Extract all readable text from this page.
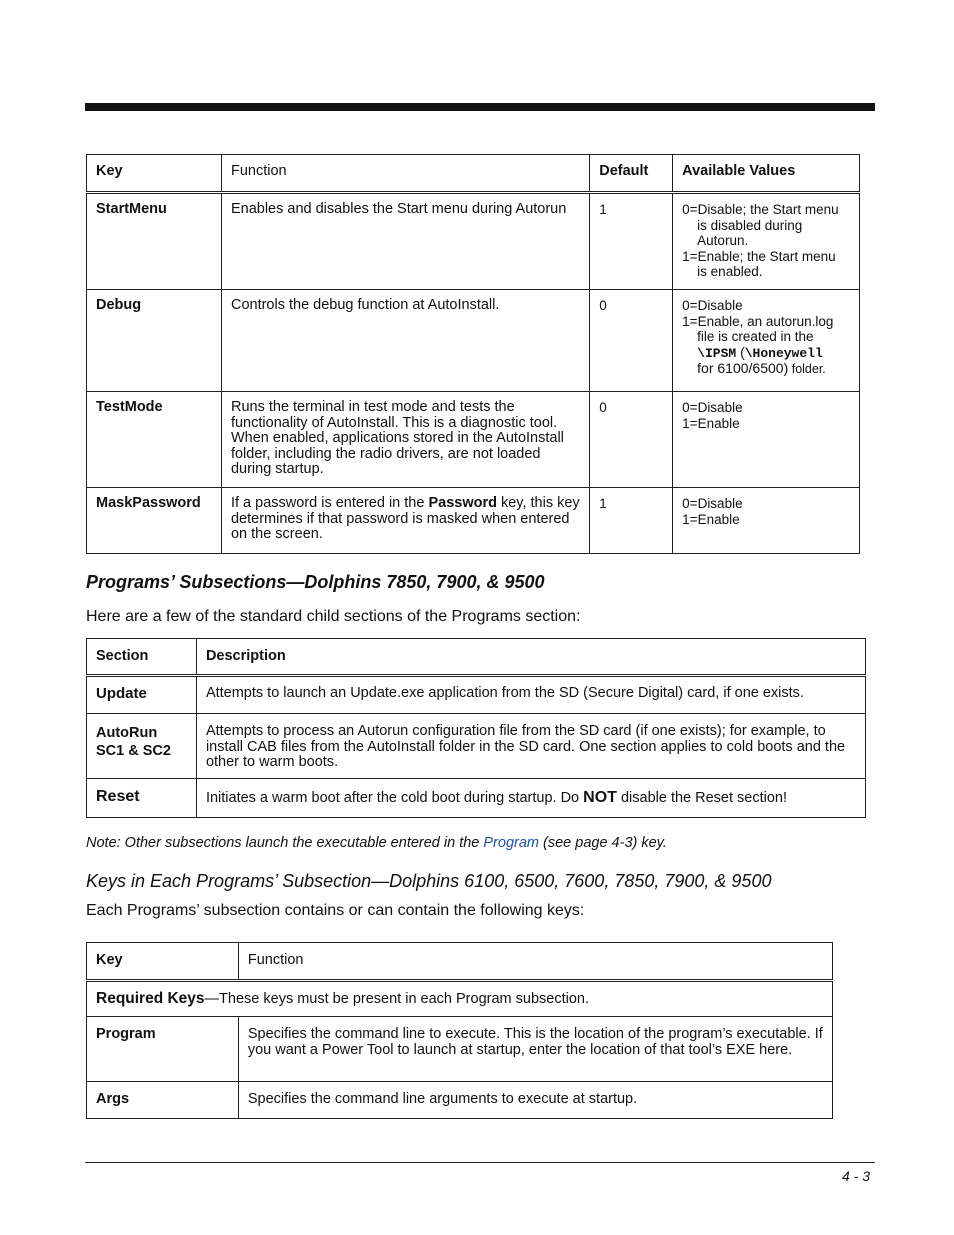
Key	Function	Default	Available Values
StartMenu	Enables and disables the Start menu during Autorun	1	0=Disable; the Start menu
is disabled during
Autorun.
1=Enable; the Start menu
is enabled.

Debug	Controls the debug function at AutoInstall.	0	0=Disable
1=Enable, an autorun.log
file is created in the
\IPSM (\Honeywell
for 6100/6500) folder.

TestMode	Runs the terminal in test mode and tests the functionality of AutoInstall. This is a diagnostic tool. When enabled, applications stored in the AutoInstall folder, including the radio drivers, are not loaded during startup.	0	0=Disable
1=Enable

MaskPassword	If a password is entered in the Password key, this key determines if that password is masked when entered on the screen.	1	0=Disable
1=Enable
Programs’ Subsections—Dolphins 7850, 7900, & 9500

Here are a few of the standard child sections of the Programs section:

Section	Description
Update	Attempts to launch an Update.exe application from the SD (Secure Digital) card, if one exists.

AutoRun
SC1 & SC2	Attempts to process an Autorun configuration file from the SD card (if one exists); for example, to install CAB files from the AutoInstall folder in the SD card. One section applies to cold boots and the other to warm boots.
Reset	Initiates a warm boot after the cold boot during startup. Do NOT disable the Reset section!
Note: Other subsections launch the executable entered in the Program (see page 4-3) key.
Keys in Each Programs’ Subsection—Dolphins 6100, 6500, 7600, 7850, 7900, & 9500

Each Programs’ subsection contains or can contain the following keys:

Key	Function
Required Keys—These keys must be present in each Program subsection.	
Program	Specifies the command line to execute. This is the location of the program’s executable. If you want a Power Tool to launch at startup, enter the location of that tool’s EXE here.
Args	Specifies the command line arguments to execute at startup.
4 - 3
